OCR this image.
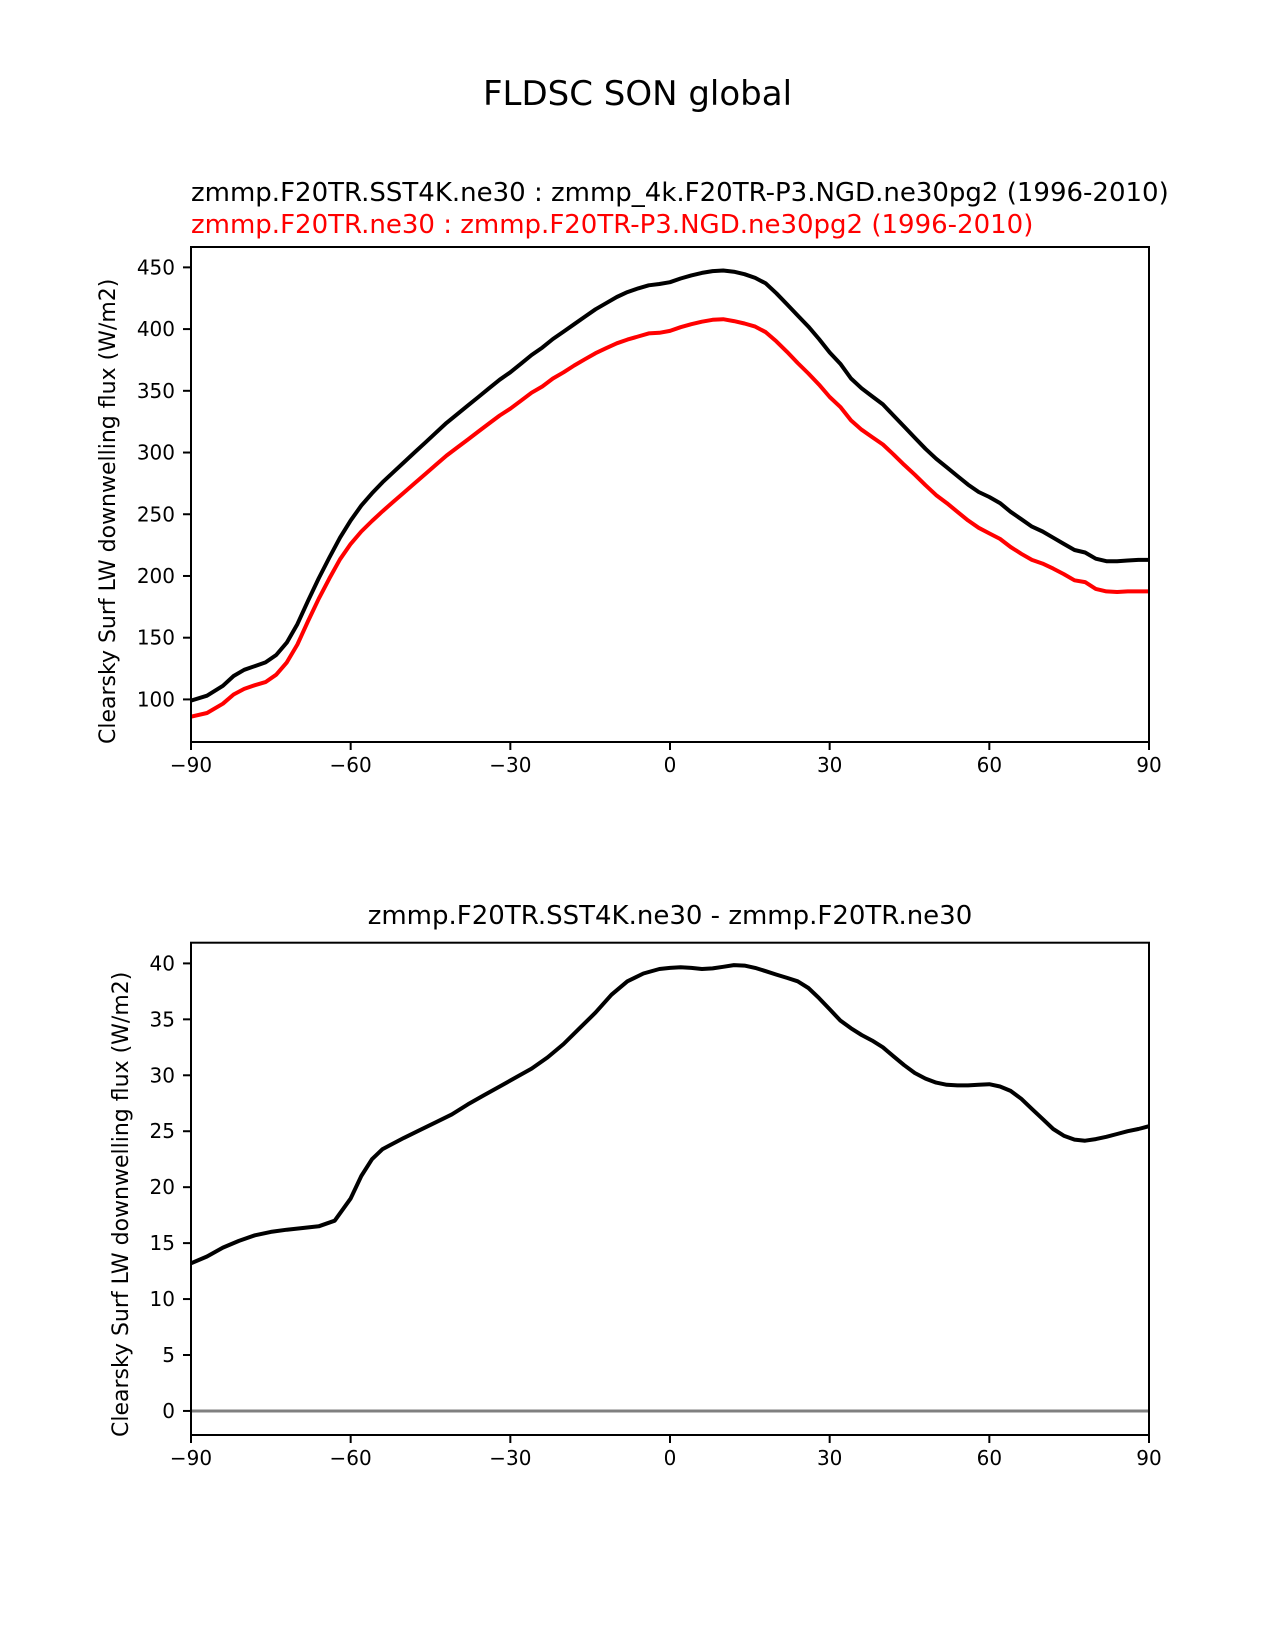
FLDSC SON global
zmmp.F20TR.SST4K.ne30 : zmmp_4k.F20TR-P3.NGD.ne30pg2 (1996-2010)
zmmp.F20TR.ne30 : zmmp.F20TR-P3.NGD.ne30pg2 (1996-2010)
Clearsky Surf LW downwelling flux (W/m2)
zmmp.F20TR.SST4K.ne30 - zmmp.F20TR.ne30
Clearsky Surf LW downwelling flux (W/m2)
−90	−60	−30	0	30	60	90
100
150
200
250
300
350
400
450
−90	−60	−30	0	30	60	90
0
5
10
15
20
25
30
35
40
